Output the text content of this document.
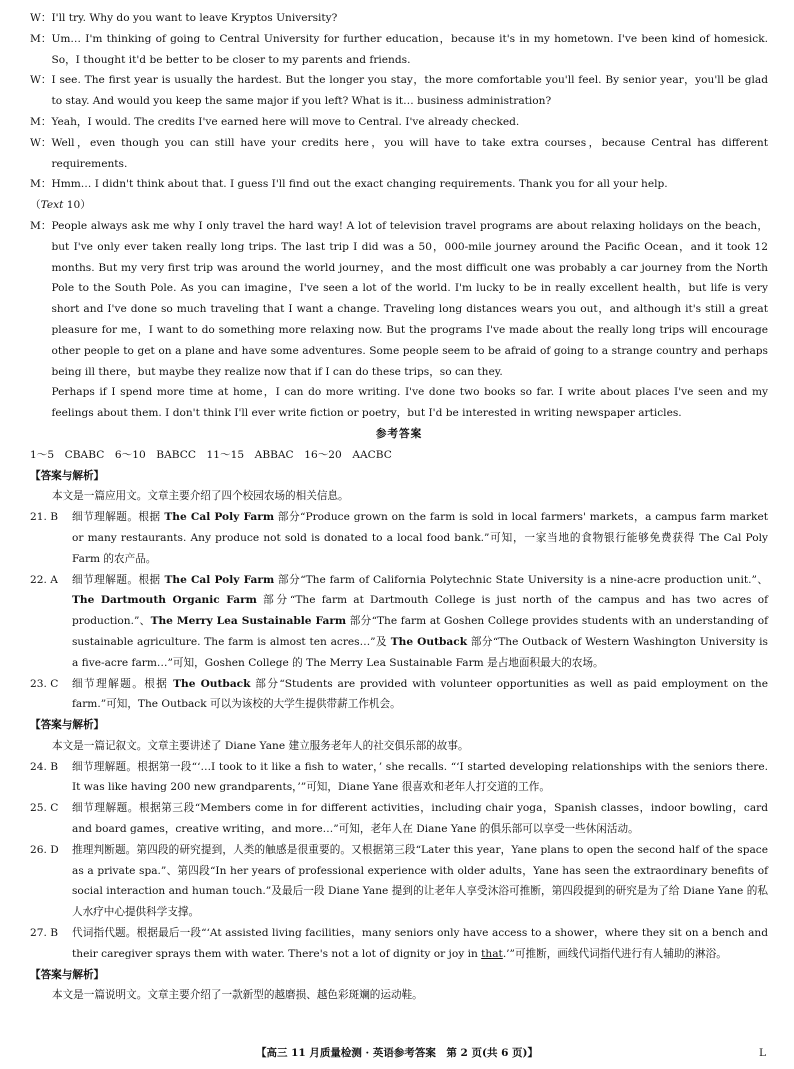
W： I'll try. Why do you want to leave Kryptos University?
M： Um… I'm thinking of going to Central University for further education，because it's in my hometown. I've been kind of homesick. So，I thought it'd be better to be closer to my parents and friends.
W： I see. The first year is usually the hardest. But the longer you stay，the more comfortable you'll feel. By senior year，you'll be glad to stay. And would you keep the same major if you left? What is it… business administration?
M： Yeah，I would. The credits I've earned here will move to Central. I've already checked.
W： Well，even though you can still have your credits here，you will have to take extra courses，because Central has different requirements.
M： Hmm… I didn't think about that. I guess I'll find out the exact changing requirements. Thank you for all your help.
（Text 10）
M： People always ask me why I only travel the hard way! A lot of television travel programs are about relaxing holidays on the beach，but I've only ever taken really long trips. The last trip I did was a 50，000-mile journey around the Pacific Ocean，and it took 12 months. But my very first trip was around the world journey，and the most difficult one was probably a car journey from the North Pole to the South Pole. As you can imagine，I've seen a lot of the world. I'm lucky to be in really excellent health，but life is very short and I've done so much traveling that I want a change. Traveling long distances wears you out，and although it's still a great pleasure for me，I want to do something more relaxing now. But the programs I've made about the really long trips will encourage other people to get on a plane and have some adventures. Some people seem to be afraid of going to a strange country and perhaps being ill there，but maybe they realize now that if I can do these trips，so can they.
Perhaps if I spend more time at home，I can do more writing. I've done two books so far. I write about places I've seen and my feelings about them. I don't think I'll ever write fiction or poetry，but I'd be interested in writing newspaper articles.
参考答案
1～5　CBABC　6～10　BABCC　11～15　ABBAC　16～20　AACBC
【答案与解析】
本文是一篇应用文。文章主要介绍了四个校园农场的相关信息。
21. B	细节理解题。根据 The Cal Poly Farm 部分“Produce grown on the farm is sold in local farmers' markets，a campus farm market or many restaurants. Any produce not sold is donated to a local food bank.”可知，一家当地的食物银行能够免费获得 The Cal Poly Farm 的农产品。
22. A	细节理解题。根据 The Cal Poly Farm 部分“The farm of California Polytechnic State University is a nine-acre production unit.”、The Dartmouth Organic Farm 部分“The farm at Dartmouth College is just north of the campus and has two acres of production.”、The Merry Lea Sustainable Farm 部分“The farm at Goshen College provides students with an understanding of sustainable agriculture. The farm is almost ten acres…”及 The Outback 部分“The Outback of Western Washington University is a five-acre farm…”可知，Goshen College 的 The Merry Lea Sustainable Farm 是占地面积最大的农场。
23. C	细节理解题。根据 The Outback 部分“Students are provided with volunteer opportunities as well as paid employment on the farm.”可知，The Outback 可以为该校的大学生提供带薪工作机会。
【答案与解析】
本文是一篇记叙文。文章主要讲述了 Diane Yane 建立服务老年人的社交俱乐部的故事。
24. B	细节理解题。根据第一段“‘…I took to it like a fish to water，’ she recalls. “‘I started developing relationships with the seniors there. It was like having 200 new grandparents，’”可知，Diane Yane 很喜欢和老年人打交道的工作。
25. C	细节理解题。根据第三段“Members come in for different activities，including chair yoga，Spanish classes，indoor bowling，card and board games，creative writing，and more…”可知，老年人在 Diane Yane 的俱乐部可以享受一些休闲活动。
26. D	推理判断题。第四段的研究提到，人类的触感是很重要的。又根据第三段“Later this year，Yane plans to open the second half of the space as a private spa.”、第四段“In her years of professional experience with older adults，Yane has seen the extraordinary benefits of social interaction and human touch.”及最后一段 Diane Yane 提到的让老年人享受沐浴可推断，第四段提到的研究是为了给 Diane Yane 的私人水疗中心提供科学支撑。
27. B	代词指代题。根据最后一段“‘At assisted living facilities，many seniors only have access to a shower，where they sit on a bench and their caregiver sprays them with water. There's not a lot of dignity or joy in that.’”可推断，画线代词指代进行有人辅助的淋浴。
【答案与解析】
本文是一篇说明文。文章主要介绍了一款新型的越磨损、越色彩斑斓的运动鞋。
【高三 11 月质量检测 · 英语参考答案　第 2 页(共 6 页)】	L
